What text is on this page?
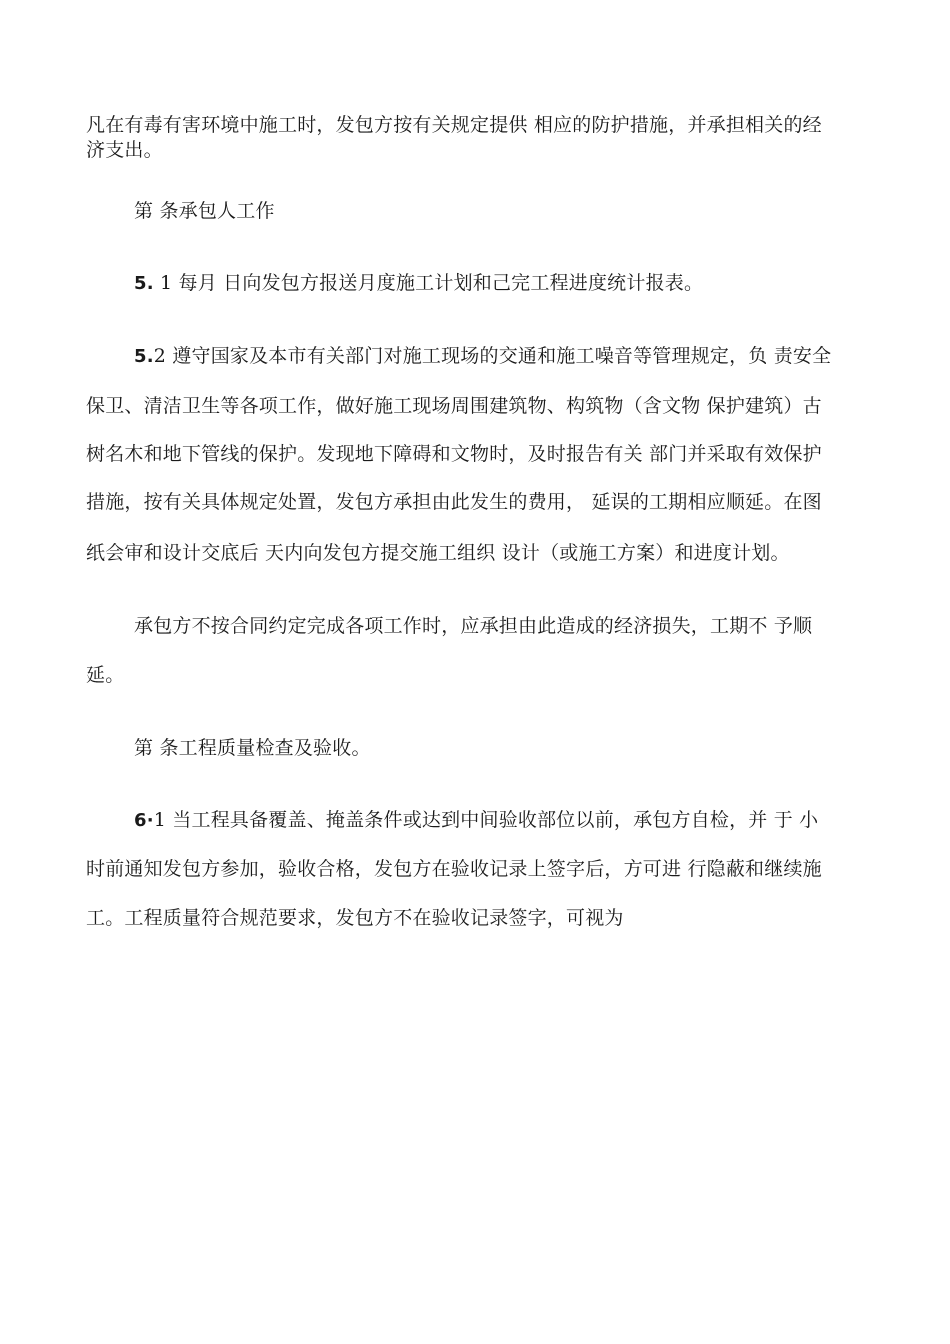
凡在有毒有害环境中施工时，发包方按有关规定提供 相应的防护措施，并承担相关的经
济支出。
第 条承包人工作
5. 1 每月 日向发包方报送月度施工计划和己完工程进度统计报表。
5.2 遵守国家及本市有关部门对施工现场的交通和施工噪音等管理规定，负 责安全
保卫、清洁卫生等各项工作，做好施工现场周围建筑物、构筑物（含文物 保护建筑）古
树名木和地下管线的保护。发现地下障碍和文物时，及时报告有关 部门并采取有效保护
措施，按有关具体规定处置，发包方承担由此发生的费用， 延误的工期相应顺延。在图
纸会审和设计交底后 天内向发包方提交施工组织 设计（或施工方案）和进度计划。
承包方不按合同约定完成各项工作时，应承担由此造成的经济损失，工期不 予顺
延。
第 条工程质量检查及验收。
6·1 当工程具备覆盖、掩盖条件或达到中间验收部位以前，承包方自检，并 于 小
时前通知发包方参加，验收合格，发包方在验收记录上签字后，方可进 行隐蔽和继续施
工。工程质量符合规范要求，发包方不在验收记录签字，可视为
